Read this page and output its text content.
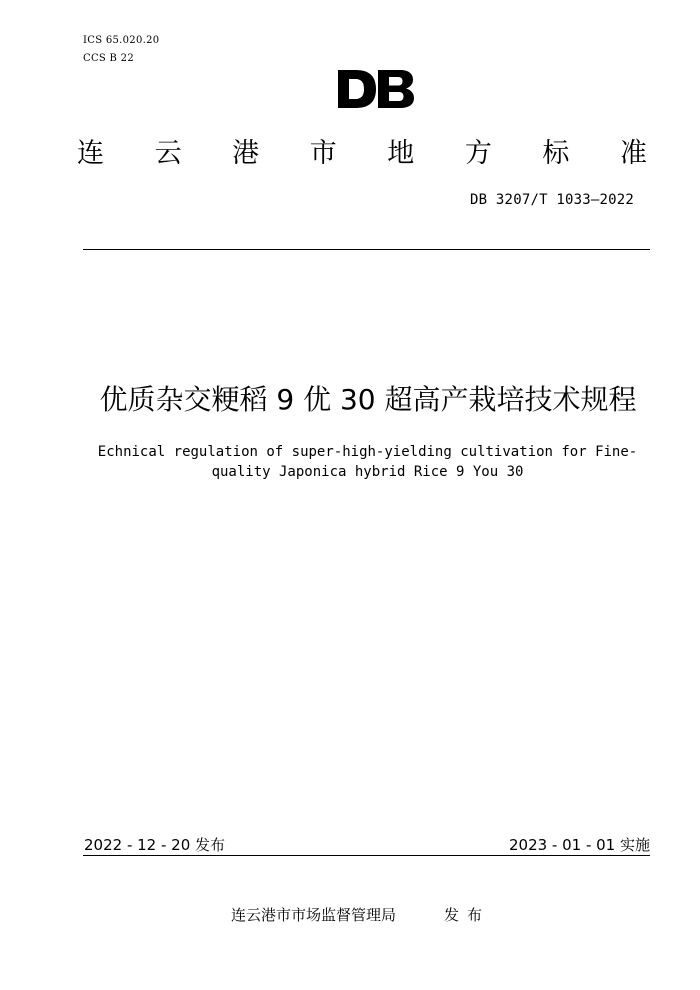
ICS 65.020.20
CCS B 22
连 云 港 市 地 方 标 准
DB 3207/T 1033—2022
优质杂交粳稻 9 优 30 超高产栽培技术规程
Echnical regulation of super-high-yielding cultivation for Fine-quality Japonica hybrid Rice 9 You 30
2022 - 12 - 20 发布	2023 - 01 - 01 实施
连云港市市场监督管理局	发布
